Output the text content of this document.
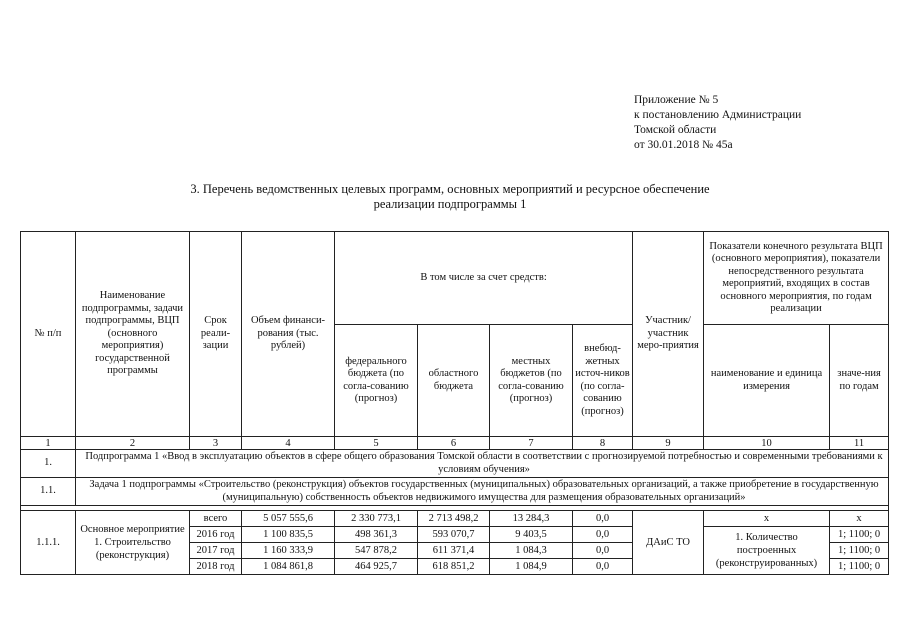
Приложение № 5
к постановлению Администрации
Томской области
от 30.01.2018 № 45а
3. Перечень ведомственных целевых программ, основных мероприятий и ресурсное обеспечение
реализации подпрограммы 1
№ п/п	Наименование подпрограммы, задачи подпрограммы, ВЦП (основного мероприятия) государственной программы	Срок реали-зации	Объем финанси-рования (тыс. рублей)	В том числе за счет средств:				Участник/ участник меро-приятия	Показатели конечного результата ВЦП (основного мероприятия), показатели непосредственного результата мероприятий, входящих в состав основного мероприятия, по годам реализации	
				федерального бюджета (по согла-сованию (прогноз)	областного бюджета	местных бюджетов (по согла-сованию (прогноз)	внебюд-жетных источ-ников (по согла-сованию (прогноз)		наименование и единица измерения	значе-ния по годам
1	2	3	4	5	6	7	8	9	10	11
1.	Подпрограмма 1 «Ввод в эксплуатацию объектов в сфере общего образования Томской области в соответствии с прогнозируемой потребностью и современными требованиями к условиям обучения»									
1.1.	Задача 1 подпрограммы «Строительство (реконструкция) объектов государственных (муниципальных) образовательных организаций, а также приобретение в государственную (муниципальную) собственность объектов недвижимого имущества для размещения образовательных организаций»									

1.1.1.	Основное мероприятие 1. Строительство (реконструкция)	всего	5 057 555,6	2 330 773,1	2 713 498,2	13 284,3	0,0	ДАиС ТО	х	х
		2016 год	1 100 835,5	498 361,3	593 070,7	9 403,5	0,0		1. Количество построенных (реконструированных)	1; 1100; 0
		2017 год	1 160 333,9	547 878,2	611 371,4	1 084,3	0,0			1; 1100; 0
		2018 год	1 084 861,8	464 925,7	618 851,2	1 084,9	0,0			1; 1100; 0
